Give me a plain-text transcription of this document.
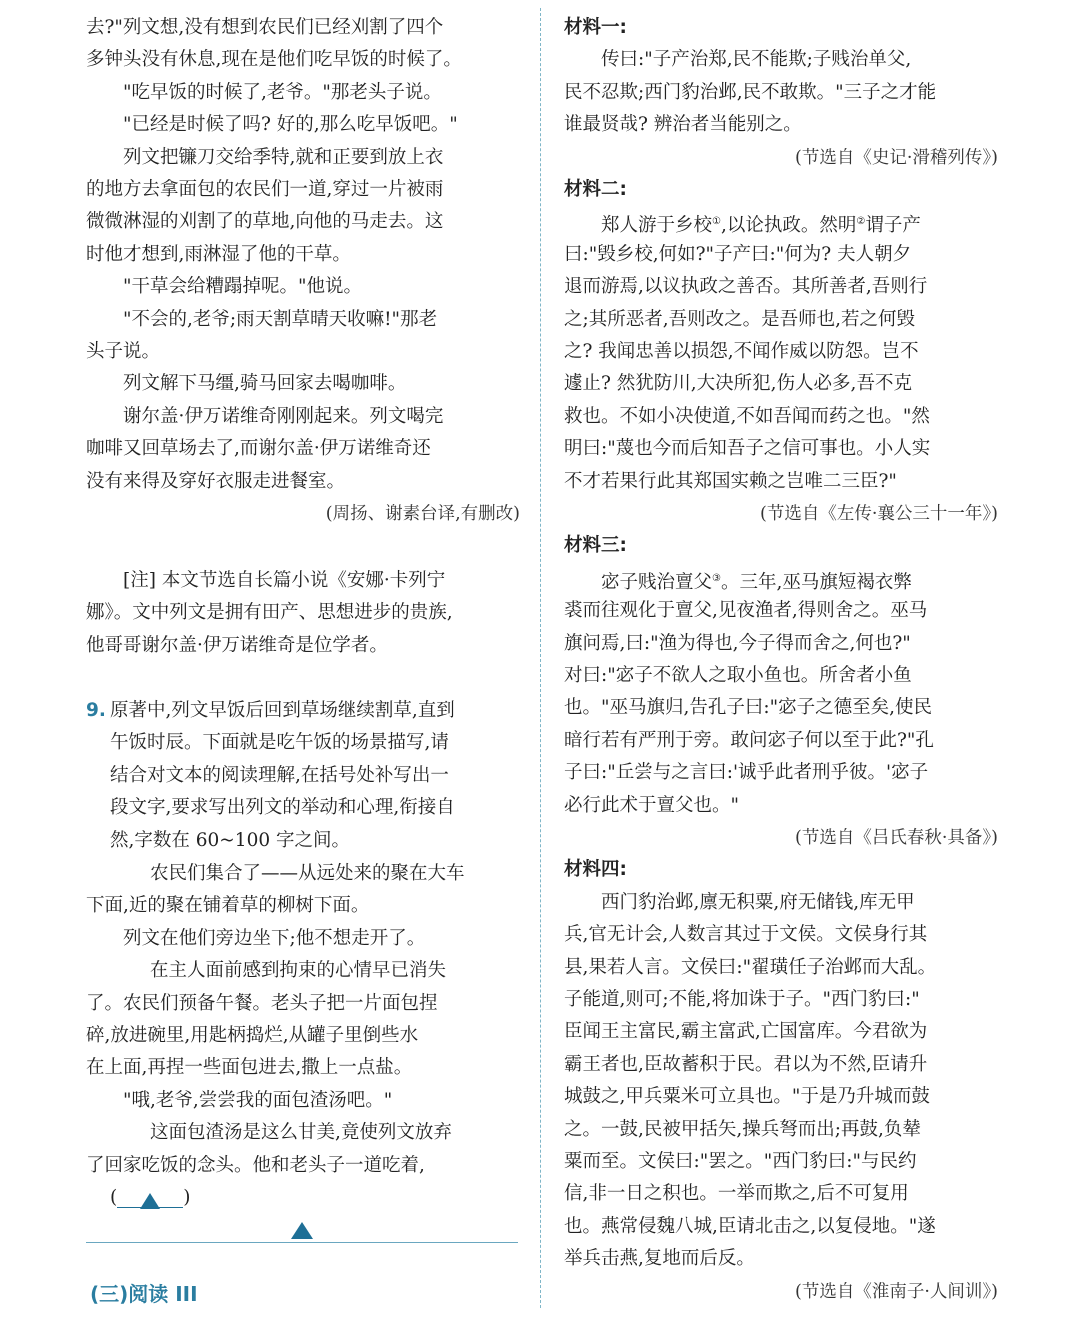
去?"列文想,没有想到农民们已经刈割了四个
多钟头没有休息,现在是他们吃早饭的时候了。
"吃早饭的时候了,老爷。"那老头子说。
"已经是时候了吗? 好的,那么吃早饭吧。"
列文把镰刀交给季特,就和正要到放上衣
的地方去拿面包的农民们一道,穿过一片被雨
微微淋湿的刈割了的草地,向他的马走去。这
时他才想到,雨淋湿了他的干草。
"干草会给糟蹋掉呢。"他说。
"不会的,老爷;雨天割草晴天收嘛!"那老
头子说。
列文解下马缰,骑马回家去喝咖啡。
谢尔盖·伊万诺维奇刚刚起来。列文喝完
咖啡又回草场去了,而谢尔盖·伊万诺维奇还
没有来得及穿好衣服走进餐室。
(周扬、谢素台译,有删改)
[注] 本文节选自长篇小说《安娜·卡列宁
娜》。文中列文是拥有田产、思想进步的贵族,
他哥哥谢尔盖·伊万诺维奇是位学者。
9. 原著中,列文早饭后回到草场继续割草,直到
午饭时辰。下面就是吃午饭的场景描写,请
结合对文本的阅读理解,在括号处补写出一
段文字,要求写出列文的举动和心理,衔接自
然,字数在 60~100 字之间。
农民们集合了——从远处来的聚在大车
下面,近的聚在铺着草的柳树下面。
列文在他们旁边坐下;他不想走开了。
在主人面前感到拘束的心情早已消失
了。农民们预备午餐。老头子把一片面包捏
碎,放进碗里,用匙柄捣烂,从罐子里倒些水
在上面,再捏一些面包进去,撒上一点盐。
"哦,老爷,尝尝我的面包渣汤吧。"
这面包渣汤是这么甘美,竟使列文放弃
了回家吃饭的念头。他和老头子一道吃着,
(	)
(三)阅读 III
材料一:
传曰:"子产治郑,民不能欺;子贱治单父,
民不忍欺;西门豹治邺,民不敢欺。"三子之才能
谁最贤哉? 辨治者当能别之。
(节选自《史记·滑稽列传》)
材料二:
郑人游于乡校①,以论执政。然明②谓子产
曰:"毁乡校,何如?"子产曰:"何为? 夫人朝夕
退而游焉,以议执政之善否。其所善者,吾则行
之;其所恶者,吾则改之。是吾师也,若之何毁
之? 我闻忠善以损怨,不闻作威以防怨。岂不
遽止? 然犹防川,大决所犯,伤人必多,吾不克
救也。不如小决使道,不如吾闻而药之也。"然
明曰:"蔑也今而后知吾子之信可事也。小人实
不才若果行此其郑国实赖之岂唯二三臣?"
(节选自《左传·襄公三十一年》)
材料三:
宓子贱治亶父③。三年,巫马旗短褐衣弊
裘而往观化于亶父,见夜渔者,得则舍之。巫马
旗问焉,曰:"渔为得也,今子得而舍之,何也?"
对曰:"宓子不欲人之取小鱼也。所舍者小鱼
也。"巫马旗归,告孔子曰:"宓子之德至矣,使民
暗行若有严刑于旁。敢问宓子何以至于此?"孔
子曰:"丘尝与之言曰:'诚乎此者刑乎彼。'宓子
必行此术于亶父也。"
(节选自《吕氏春秋·具备》)
材料四:
西门豹治邺,廪无积粟,府无储钱,库无甲
兵,官无计会,人数言其过于文侯。文侯身行其
县,果若人言。文侯曰:"翟璜任子治邺而大乱。
子能道,则可;不能,将加诛于子。"西门豹曰:"
臣闻王主富民,霸主富武,亡国富库。今君欲为
霸王者也,臣故蓄积于民。君以为不然,臣请升
城鼓之,甲兵粟米可立具也。"于是乃升城而鼓
之。一鼓,民被甲括矢,操兵弩而出;再鼓,负辇
粟而至。文侯曰:"罢之。"西门豹曰:"与民约
信,非一日之积也。一举而欺之,后不可复用
也。燕常侵魏八城,臣请北击之,以复侵地。"遂
举兵击燕,复地而后反。
(节选自《淮南子·人间训》)
